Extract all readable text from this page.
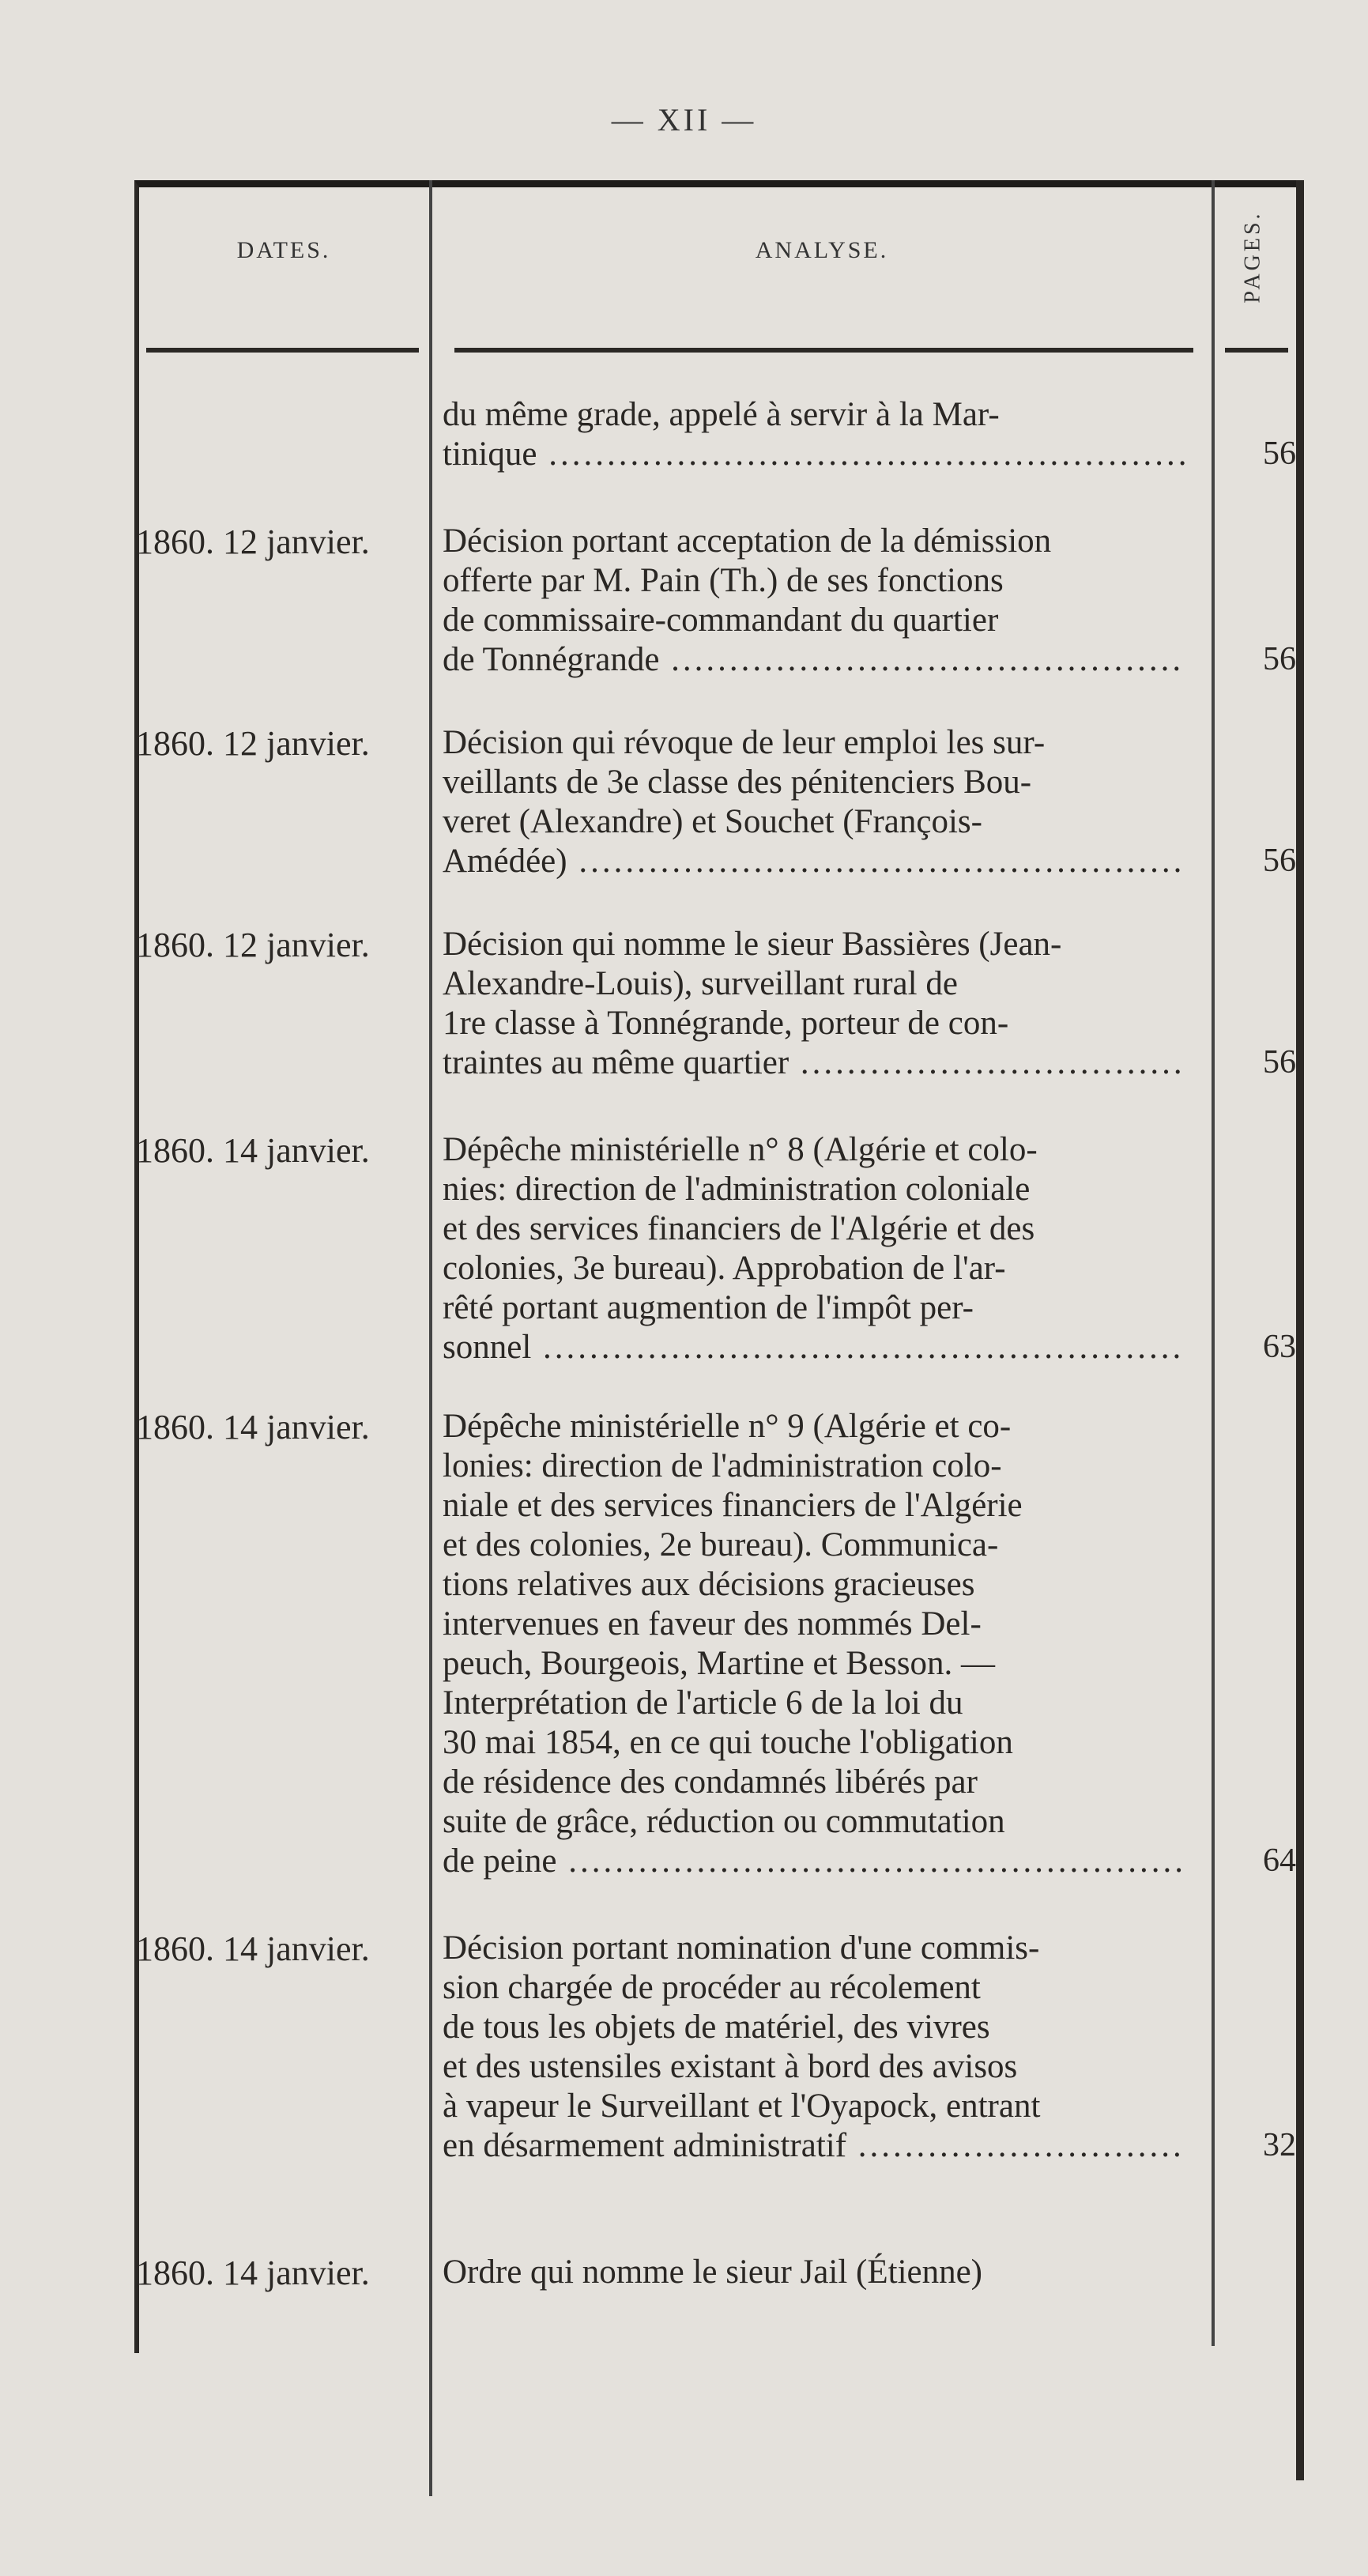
— XII —
DATES.	ANALYSE.	PAGES.
du même grade, appelé à servir à la Mar-
tinique .....	56
1860. 12 janvier.	Décision portant acceptation de la démission
offerte par M. Pain (Th.) de ses fonctions
de commissaire-commandant du quartier
de Tonnégrande .....	56
1860. 12 janvier.	Décision qui révoque de leur emploi les sur-
veillants de 3e classe des pénitenciers Bou-
veret (Alexandre) et Souchet (François-
Amédée) .....	56
1860. 12 janvier.	Décision qui nomme le sieur Bassières (Jean-
Alexandre-Louis), surveillant rural de
1re classe à Tonnégrande, porteur de con-
traintes au même quartier .....	56
1860. 14 janvier.	Dépêche ministérielle n° 8 (Algérie et colo-
nies: direction de l'administration coloniale
et des services financiers de l'Algérie et des
colonies, 3e bureau). Approbation de l'ar-
rêté portant augmention de l'impôt per-
sonnel .....	63
1860. 14 janvier.	Dépêche ministérielle n° 9 (Algérie et co-
lonies: direction de l'administration colo-
niale et des services financiers de l'Algérie
et des colonies, 2e bureau). Communica-
tions relatives aux décisions gracieuses
intervenues en faveur des nommés Del-
peuch, Bourgeois, Martine et Besson. —
Interprétation de l'article 6 de la loi du
30 mai 1854, en ce qui touche l'obligation
de résidence des condamnés libérés par
suite de grâce, réduction ou commutation
de peine .....	64
1860. 14 janvier.	Décision portant nomination d'une commis-
sion chargée de procéder au récolement
de tous les objets de matériel, des vivres
et des ustensiles existant à bord des avisos
à vapeur le Surveillant et l'Oyapock, entrant
en désarmement administratif .....	32
1860. 14 janvier.	Ordre qui nomme le sieur Jail (Étienne)
